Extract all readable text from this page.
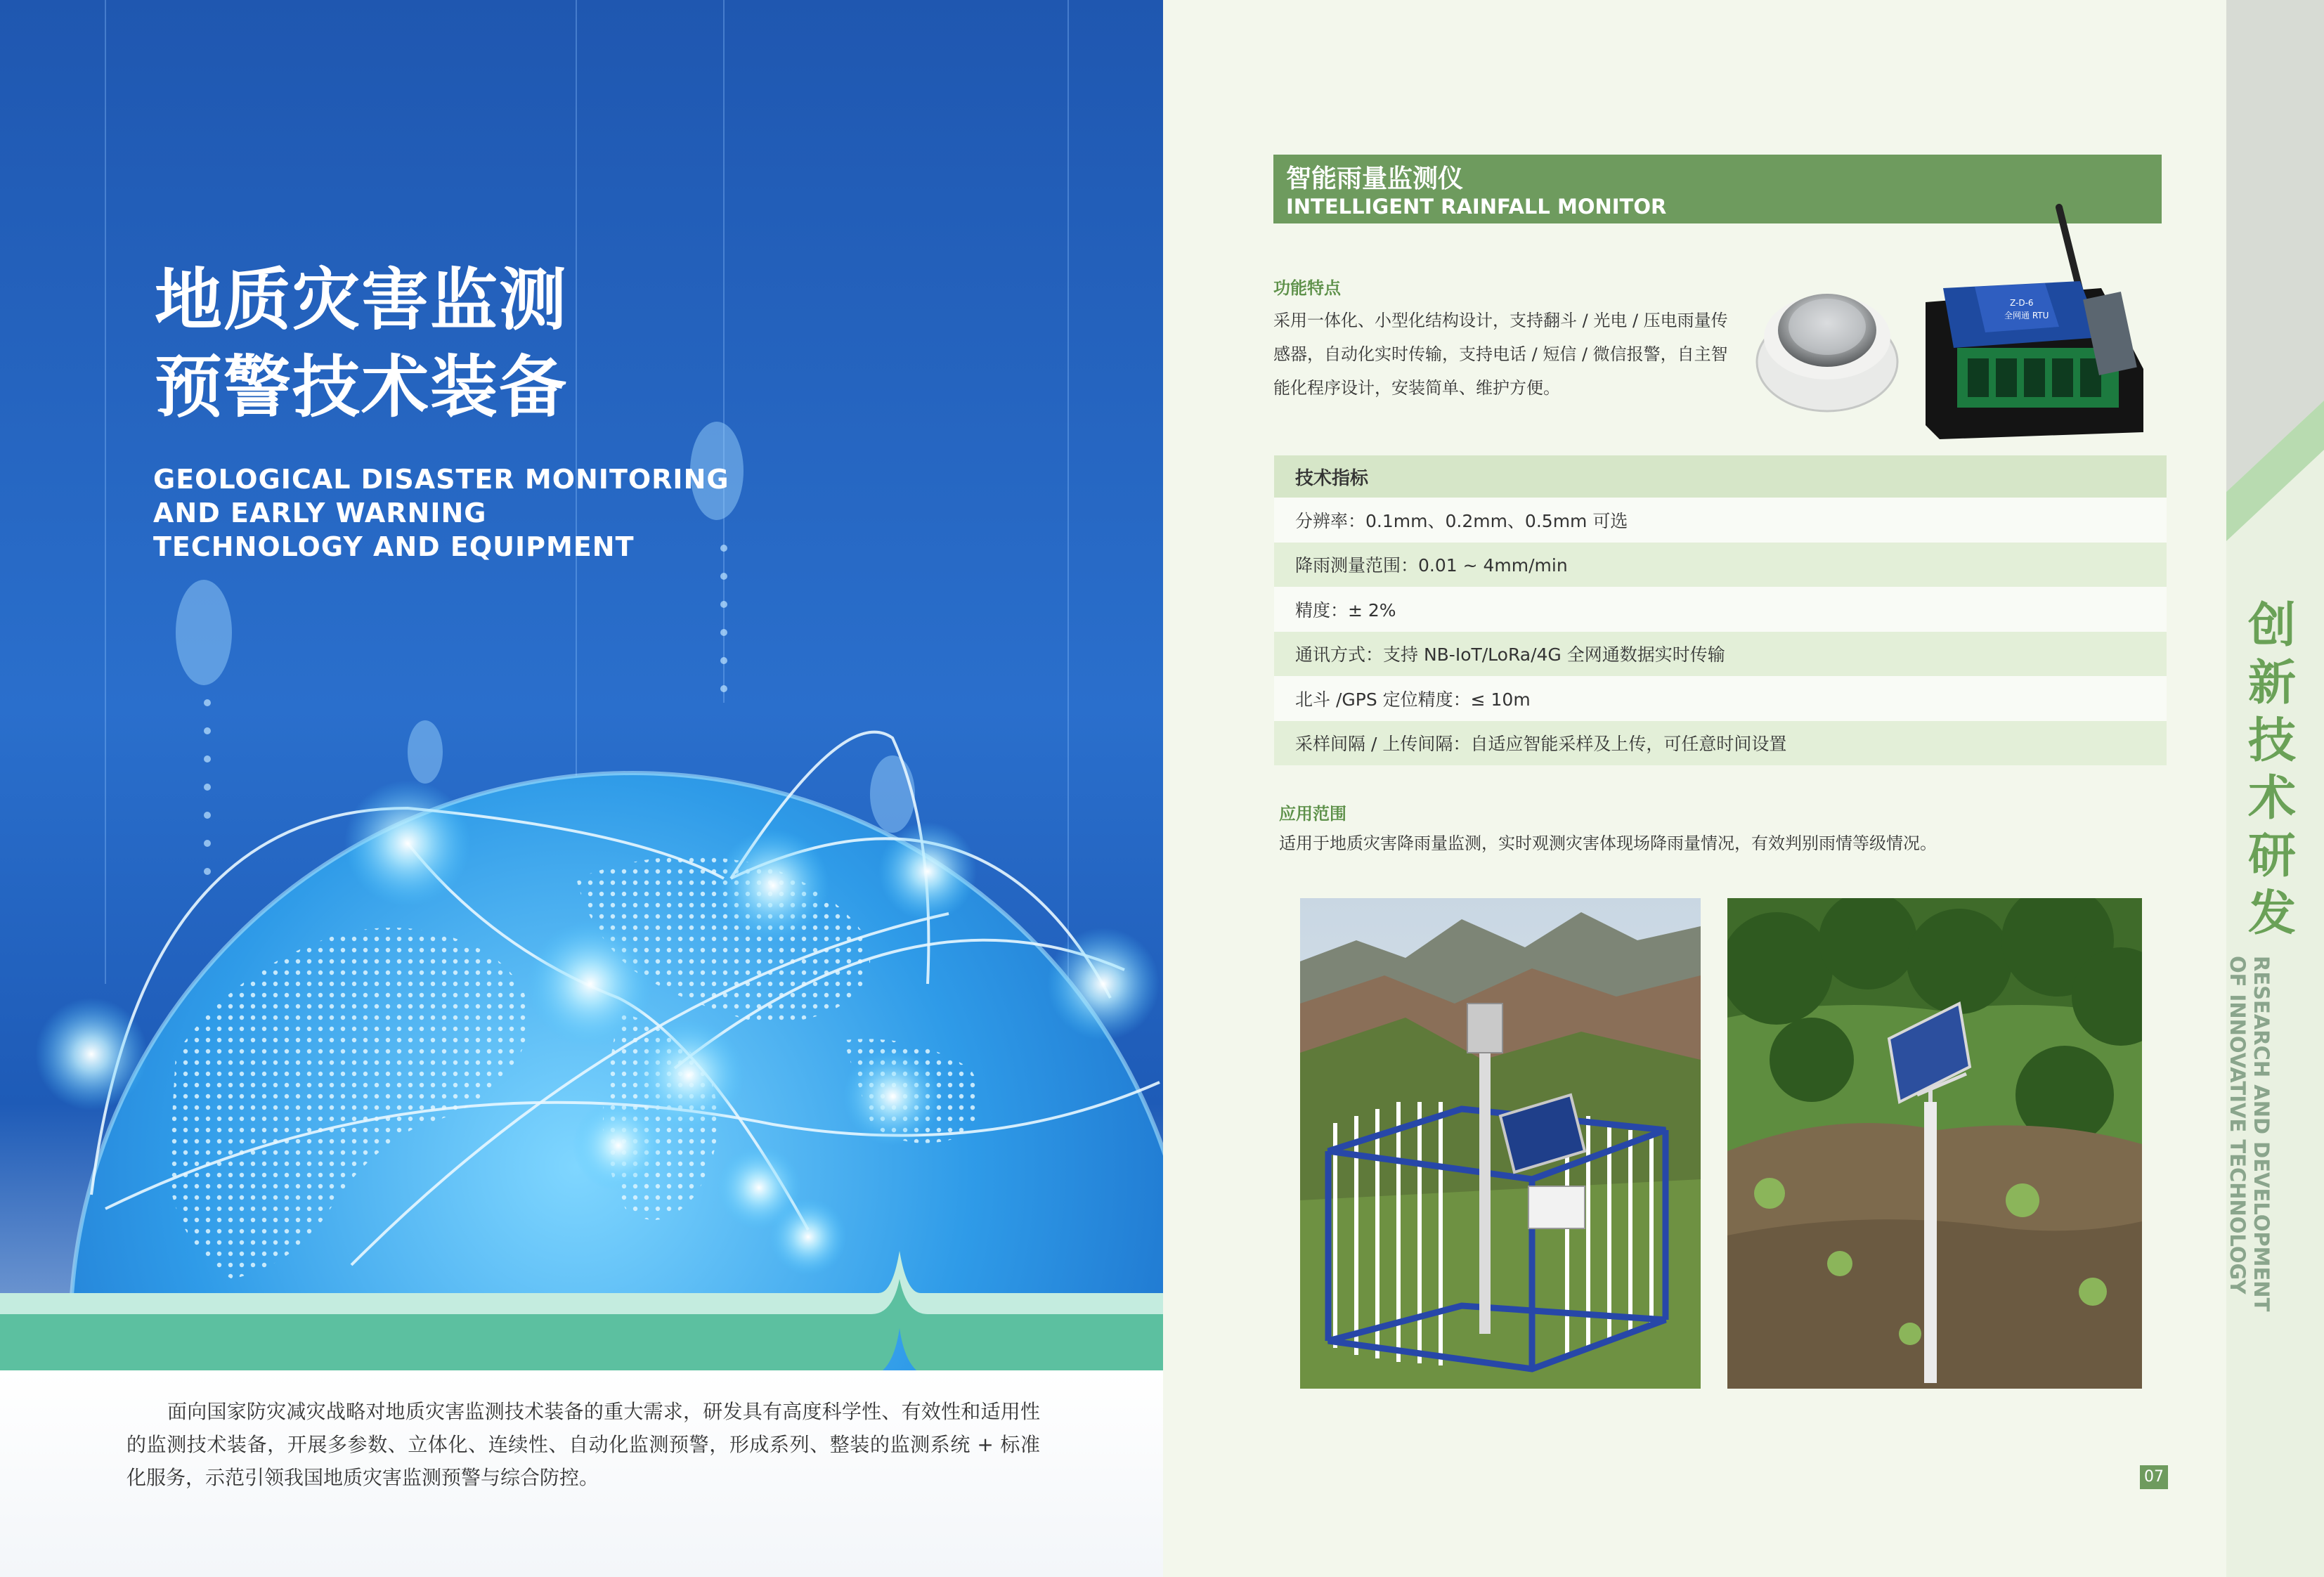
地质灾害监测
预警技术装备
GEOLOGICAL DISASTER MONITORING
AND EARLY WARNING
TECHNOLOGY AND EQUIPMENT

面向国家防灾减灾战略对地质灾害监测技术装备的重大需求，研发具有高度科学性、有效性和适用性的监测技术装备，开展多参数、立体化、连续性、自动化监测预警，形成系列、整装的监测系统 + 标准化服务，示范引领我国地质灾害监测预警与综合防控。

智能雨量监测仪
INTELLIGENT RAINFALL MONITOR
功能特点

采用一体化、小型化结构设计，支持翻斗 / 光电 / 压电雨量传感器，自动化实时传输，支持电话 / 短信 / 微信报警，自主智能化程序设计，安装简单、维护方便。

Z-D-6
全网通 RTU
技术指标
分辨率：0.1mm、0.2mm、0.5mm 可选
降雨测量范围：0.01 ~ 4mm/min
精度：± 2%
通讯方式：支持 NB-IoT/LoRa/4G 全网通数据实时传输
北斗 /GPS 定位精度：≤ 10m
采样间隔 / 上传间隔：自适应智能采样及上传，可任意时间设置
应用范围
适用于地质灾害降雨量监测，实时观测灾害体现场降雨量情况，有效判别雨情等级情况。
07
创
新
技
术
研
发
RESEARCH AND DEVELOPMENT
OF INNOVATIVE TECHNOLOGY
